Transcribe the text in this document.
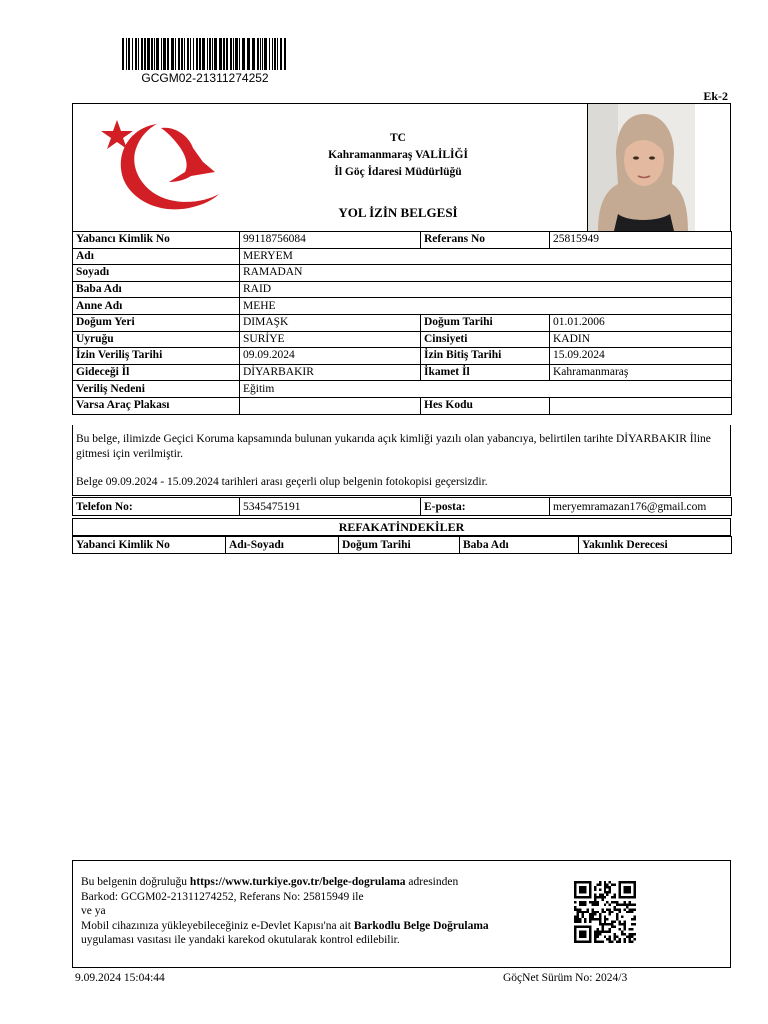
GCGM02-21311274252
Ek-2
TC
Kahramanmaraş VALİLİĞİ
İl Göç İdaresi Müdürlüğü
YOL İZİN BELGESİ
Yabancı Kimlik No	99118756084	Referans No	25815949
Adı	MERYEM		
Soyadı	RAMADAN		
Baba Adı	RAID		
Anne Adı	MEHE		
Doğum Yeri	DIMAŞK	Doğum Tarihi	01.01.2006
Uyruğu	SURİYE	Cinsiyeti	KADIN
İzin Veriliş Tarihi	09.09.2024	İzin Bitiş Tarihi	15.09.2024
Gideceği İl	DİYARBAKIR	İkamet İl	Kahramanmaraş
Veriliş Nedeni	Eğitim		
Varsa Araç Plakası		Hes Kodu	

Bu belge, ilimizde Geçici Koruma kapsamında bulunan yukarıda açık kimliği yazılı olan yabancıya, belirtilen tarihte DİYARBAKIR İline gitmesi için verilmiştir.

Belge 09.09.2024 - 15.09.2024 tarihleri arası geçerli olup belgenin fotokopisi geçersizdir.

Telefon No:	5345475191	E-posta:	meryemramazan176@gmail.com
REFAKATİNDEKİLER
Yabanci Kimlik No	Adı-Soyadı	Doğum Tarihi	Baba Adı	Yakınlık Derecesi
Bu belgenin doğruluğu https://www.turkiye.gov.tr/belge-dogrulama adresinden
Barkod: GCGM02-21311274252, Referans No: 25815949 ile
ve ya
Mobil cihazınıza yükleyebileceğiniz e-Devlet Kapısı'na ait Barkodlu Belge Doğrulama
uygulaması vasıtası ile yandaki karekod okutularak kontrol edilebilir.
9.09.2024 15:04:44	GöçNet Sürüm No: 2024/3
